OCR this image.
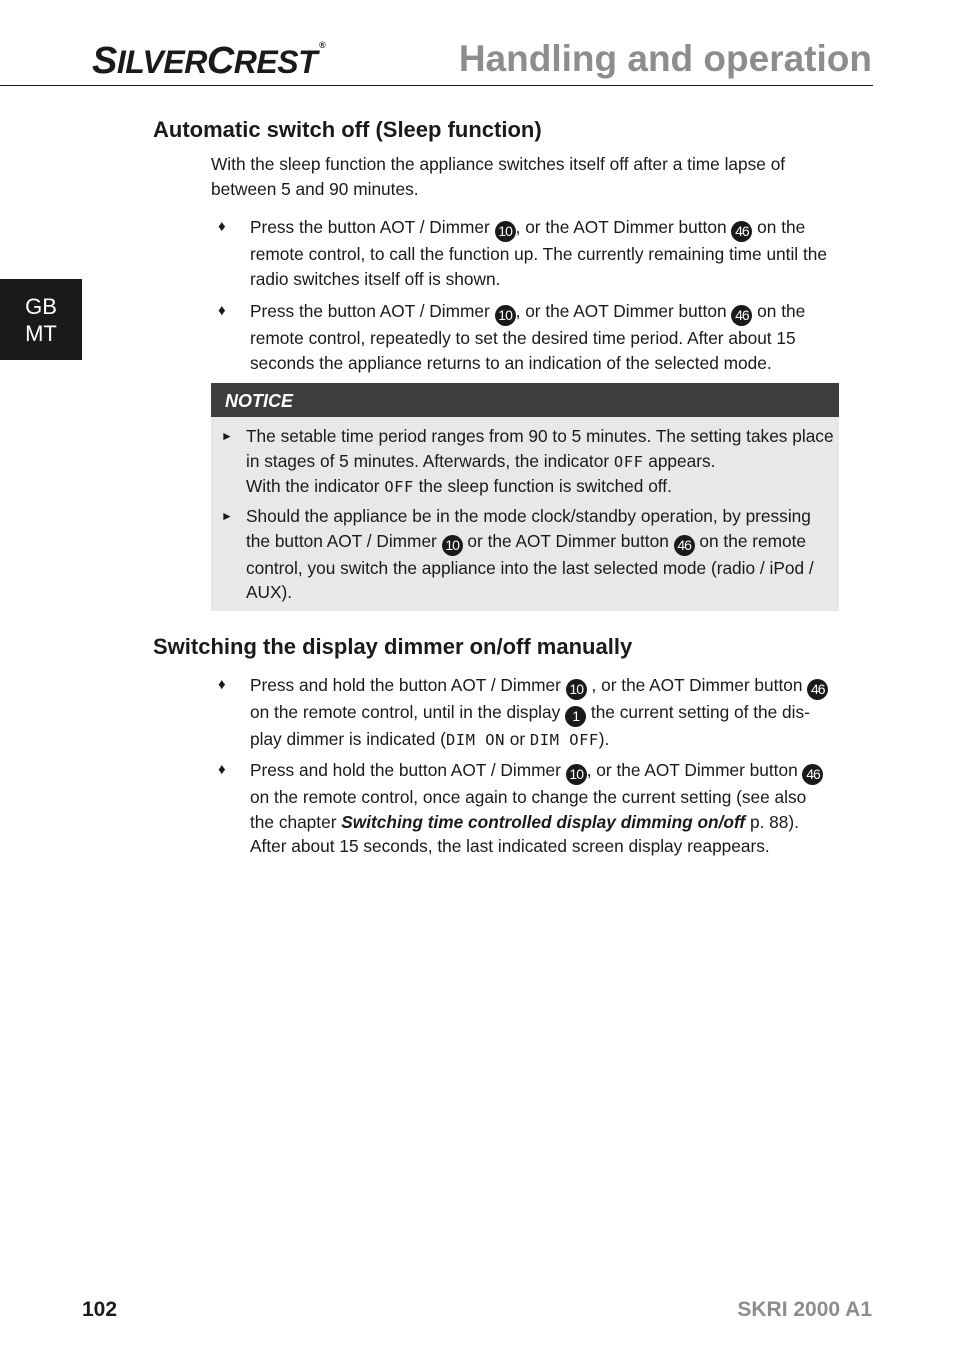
SILVERCREST ®	Handling and operation
GB
MT
Automatic switch off (Sleep function)

With the sleep function the appliance switches itself off after a time lapse of between 5 and 90 minutes.

♦ Press the button AOT / Dimmer 10 , or the AOT Dimmer button 46 on the remote control, to call the function up. The currently remaining time until the radio switches itself off is shown.
♦ Press the button AOT / Dimmer 10 , or the AOT Dimmer button 46 on the remote control, repeatedly to set the desired time period. After about 15 seconds the appliance returns to an indication of the selected mode.
NOTICE
► The setable time period ranges from 90 to 5 minutes. The setting takes place in stages of 5 minutes. Afterwards, the indicator OFF appears.
With the indicator OFF the sleep function is switched off.
► Should the appliance be in the mode clock/standby operation, by pressing the button AOT / Dimmer 10 or the AOT Dimmer button 46 on the remote control, you switch the appliance into the last selected mode (radio / iPod / AUX).
Switching the display dimmer on/off manually
♦ Press and hold the button AOT / Dimmer 10 , or the AOT Dimmer button 46 on the remote control, until in the display 1 the current setting of the dis-play dimmer is indicated (DIM ON or DIM OFF).
♦ Press and hold the button AOT / Dimmer 10 , or the AOT Dimmer button 46 on the remote control, once again to change the current setting (see also the chapter Switching time controlled display dimming on/off p. 88). After about 15 seconds, the last indicated screen display reappears.
102	SKRI 2000 A1
